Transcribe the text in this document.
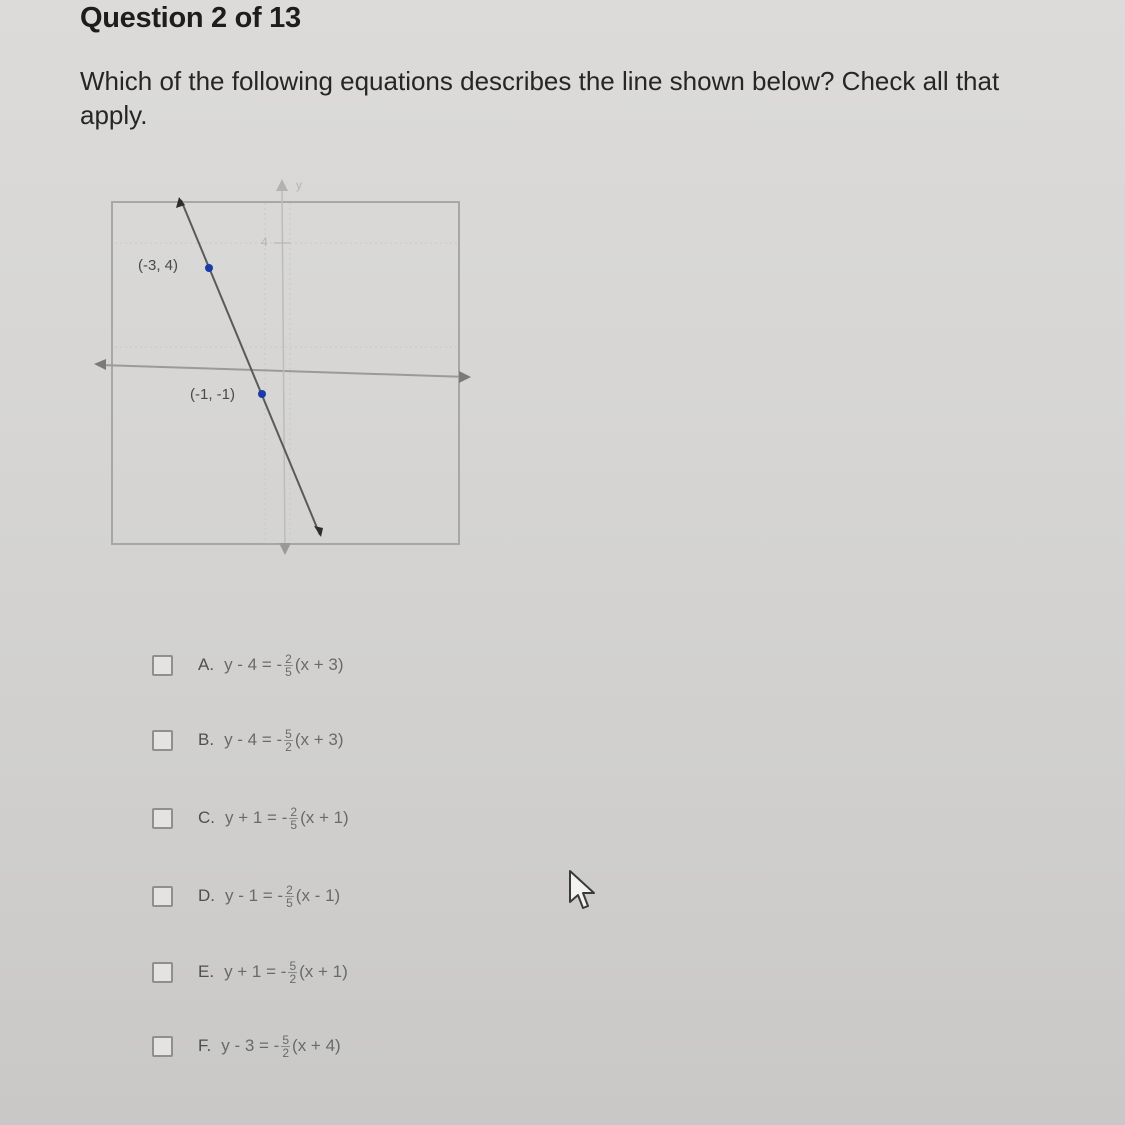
Question 2 of 13
Which of the following equations describes the line shown below? Check all that apply.
(-3, 4)
(-1, -1)
y
4
A. y - 4 = - $\frac{2}{5} (x + 3)$
B. y - 4 = - $\frac{5}{2} (x + 3)$
C. y + 1 = - $\frac{2}{5} (x + 1)$
D. y - 1 = - $\frac{2}{5} (x - 1)$
E. y + 1 = - $\frac{5}{2} (x + 1)$
F. y - 3 = - $\frac{5}{2} (x + 4)$
